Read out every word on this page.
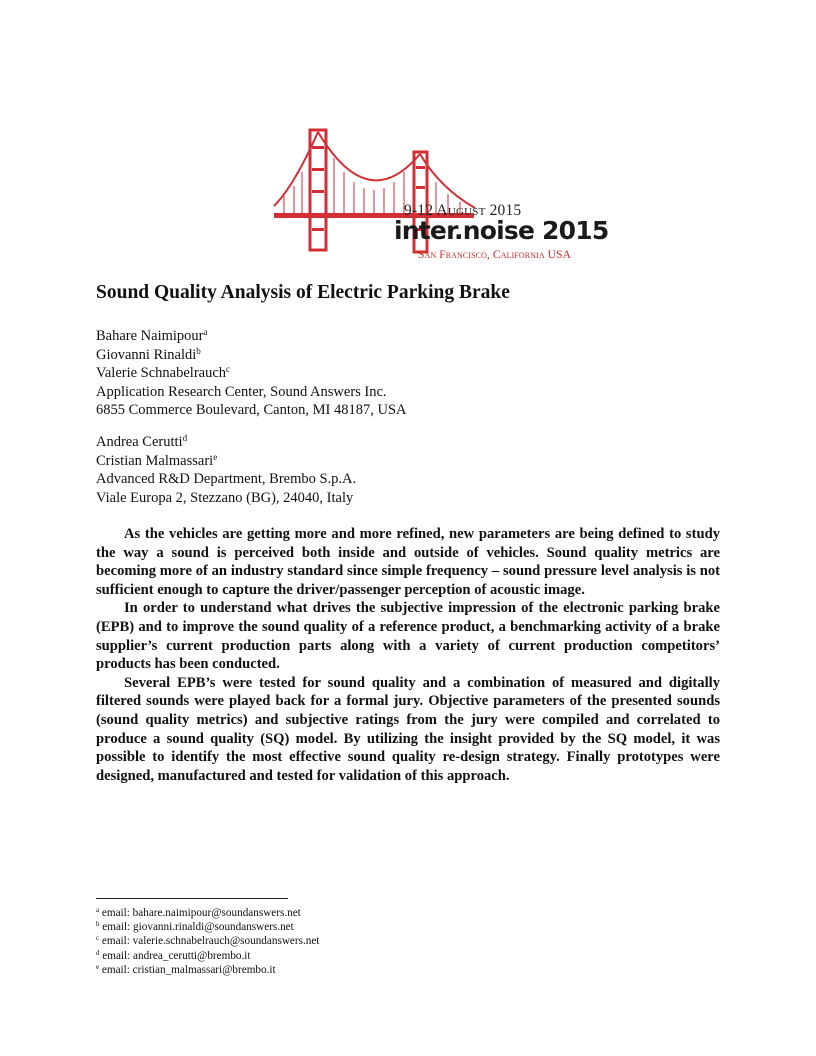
9-12 August 2015
inter.noise 2015
San Francisco, California USA
Sound Quality Analysis of Electric Parking Brake
Bahare Naimipour$^a$
Giovanni Rinaldi$^b$
Valerie Schnabelrauch$^c$
Application Research Center, Sound Answers Inc.
6855 Commerce Boulevard, Canton, MI 48187, USA
Andrea Cerutti$^d$
Cristian Malmassari$^e$
Advanced R&D Department, Brembo S.p.A.
Viale Europa 2, Stezzano (BG), 24040, Italy

As the vehicles are getting more and more refined, new parameters are being defined to study the way a sound is perceived both inside and outside of vehicles. Sound quality metrics are becoming more of an industry standard since simple frequency – sound pressure level analysis is not sufficient enough to capture the driver/passenger perception of acoustic image.

In order to understand what drives the subjective impression of the electronic parking brake (EPB) and to improve the sound quality of a reference product, a benchmarking activity of a brake supplier’s current production parts along with a variety of current production competitors’ products has been conducted.

Several EPB’s were tested for sound quality and a combination of measured and digitally filtered sounds were played back for a formal jury. Objective parameters of the presented sounds (sound quality metrics) and subjective ratings from the jury were compiled and correlated to produce a sound quality (SQ) model. By utilizing the insight provided by the SQ model, it was possible to identify the most effective sound quality re-design strategy. Finally prototypes were designed, manufactured and tested for validation of this approach.

$^a$ email: bahare.naimipour@soundanswers.net
$^b$ email: giovanni.rinaldi@soundanswers.net
$^c$ email: valerie.schnabelrauch@soundanswers.net
$^d$ email: andrea_cerutti@brembo.it
$^e$ email: cristian_malmassari@brembo.it
